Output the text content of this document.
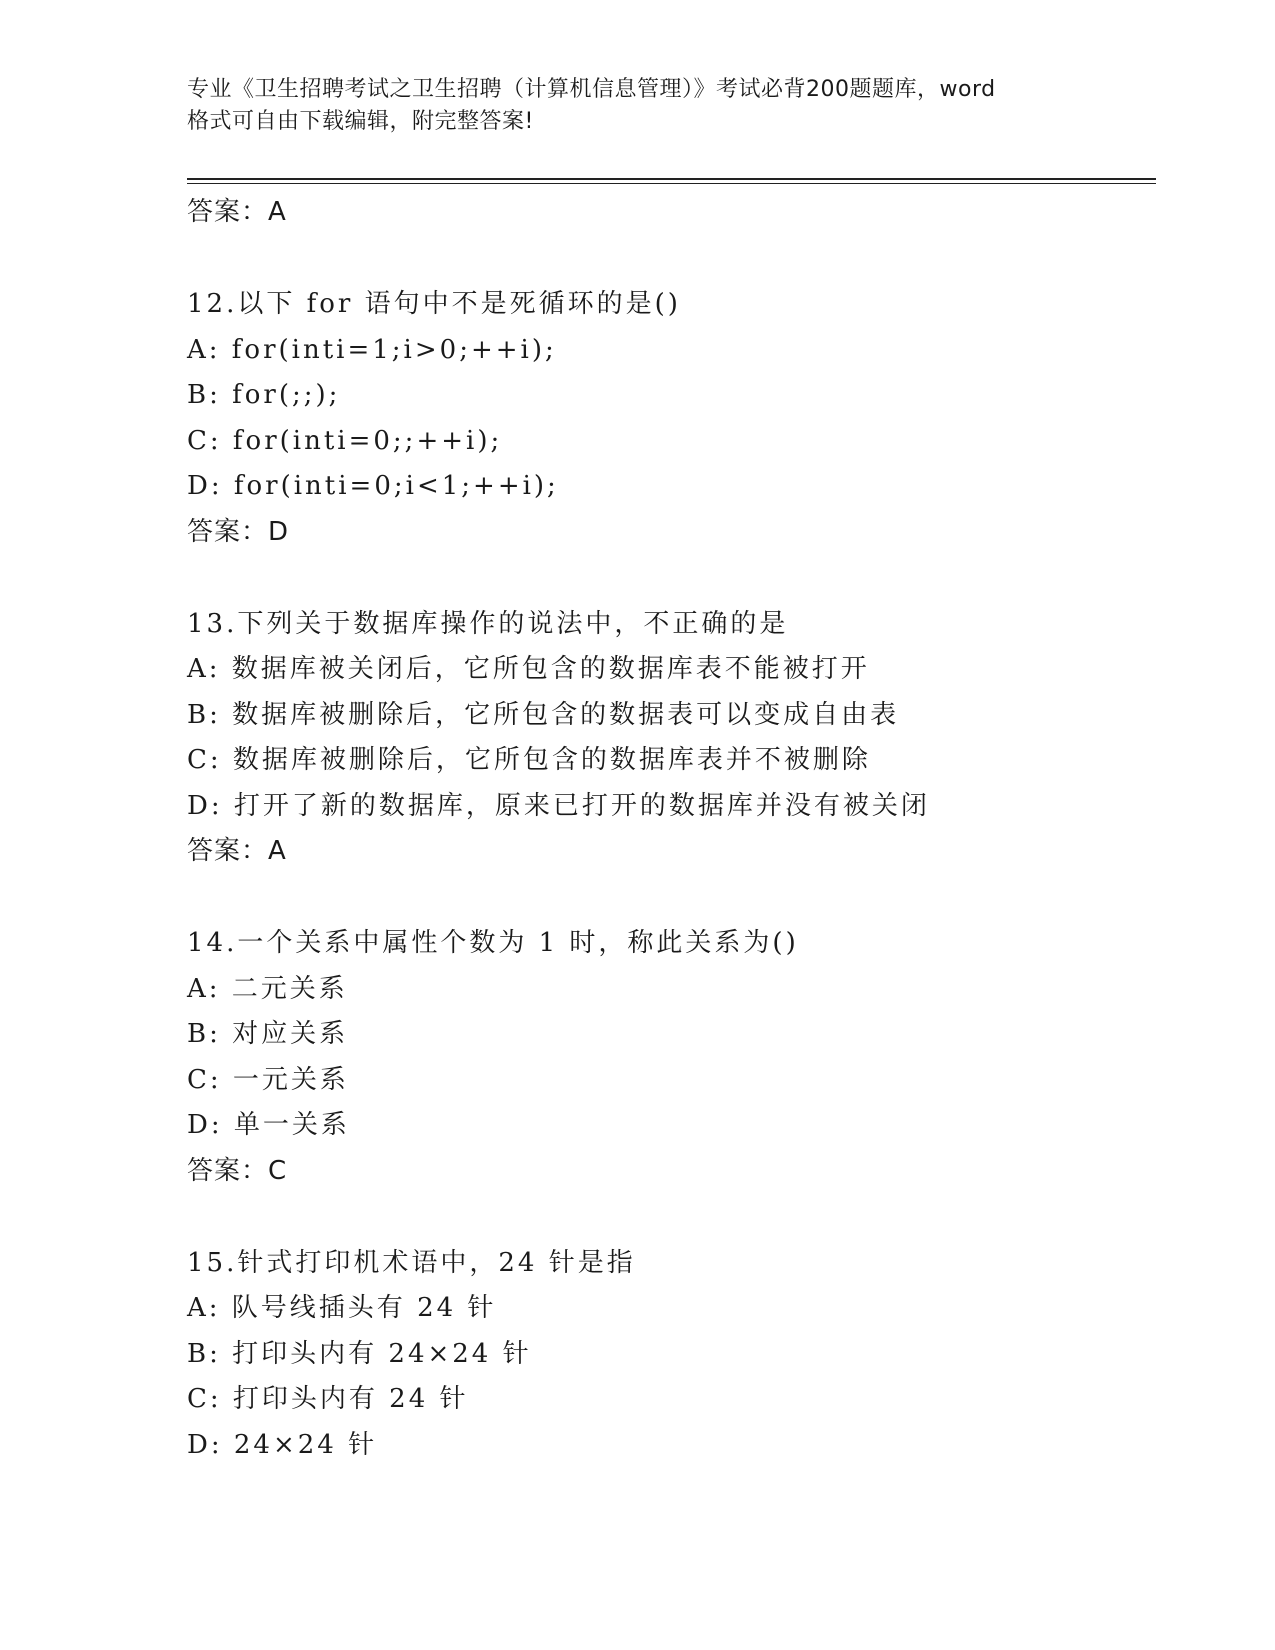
专业《卫生招聘考试之卫生招聘（计算机信息管理）》考试必背200题题库，word
格式可自由下载编辑，附完整答案!
答案：A
12.以下 for 语句中不是死循环的是()
A: for(inti=1;i>0;++i);
B: for(;;);
C: for(inti=0;;++i);
D: for(inti=0;i<1;++i);
答案：D
13.下列关于数据库操作的说法中，不正确的是
A: 数据库被关闭后，它所包含的数据库表不能被打开
B: 数据库被删除后，它所包含的数据表可以变成自由表
C: 数据库被删除后，它所包含的数据库表并不被删除
D: 打开了新的数据库，原来已打开的数据库并没有被关闭
答案：A
14.一个关系中属性个数为 1 时，称此关系为()
A: 二元关系
B: 对应关系
C: 一元关系
D: 单一关系
答案：C
15.针式打印机术语中，24 针是指
A: 队号线插头有 24 针
B: 打印头内有 24×24 针
C: 打印头内有 24 针
D: 24×24 针
